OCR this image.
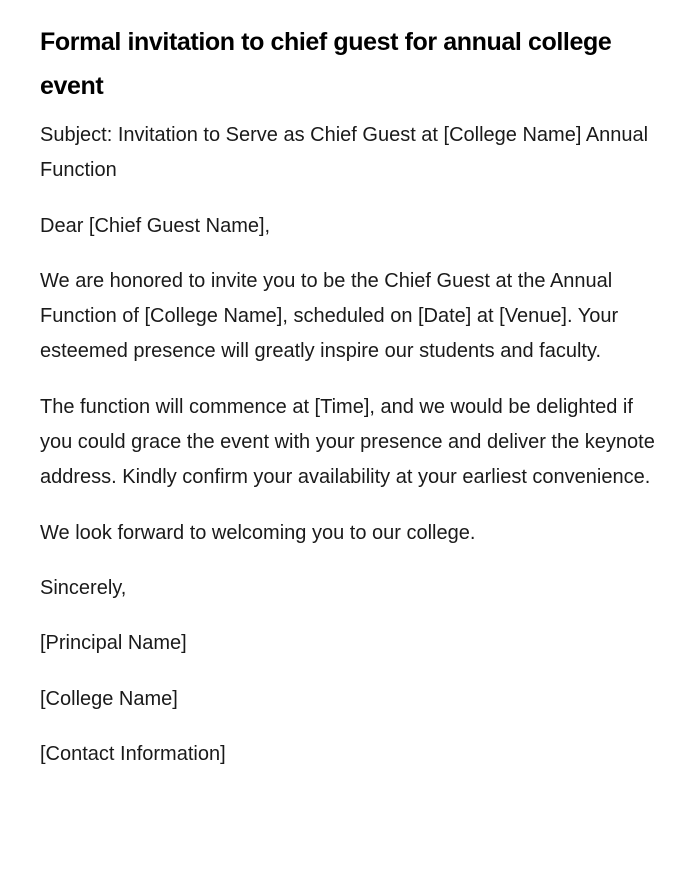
Formal invitation to chief guest for annual college event

Subject: Invitation to Serve as Chief Guest at [College Name] Annual Function

Dear [Chief Guest Name],

We are honored to invite you to be the Chief Guest at the Annual Function of [College Name], scheduled on [Date] at [Venue]. Your esteemed presence will greatly inspire our students and faculty.

The function will commence at [Time], and we would be delighted if you could grace the event with your presence and deliver the keynote address. Kindly confirm your availability at your earliest convenience.

We look forward to welcoming you to our college.

Sincerely,

[Principal Name]

[College Name]

[Contact Information]
